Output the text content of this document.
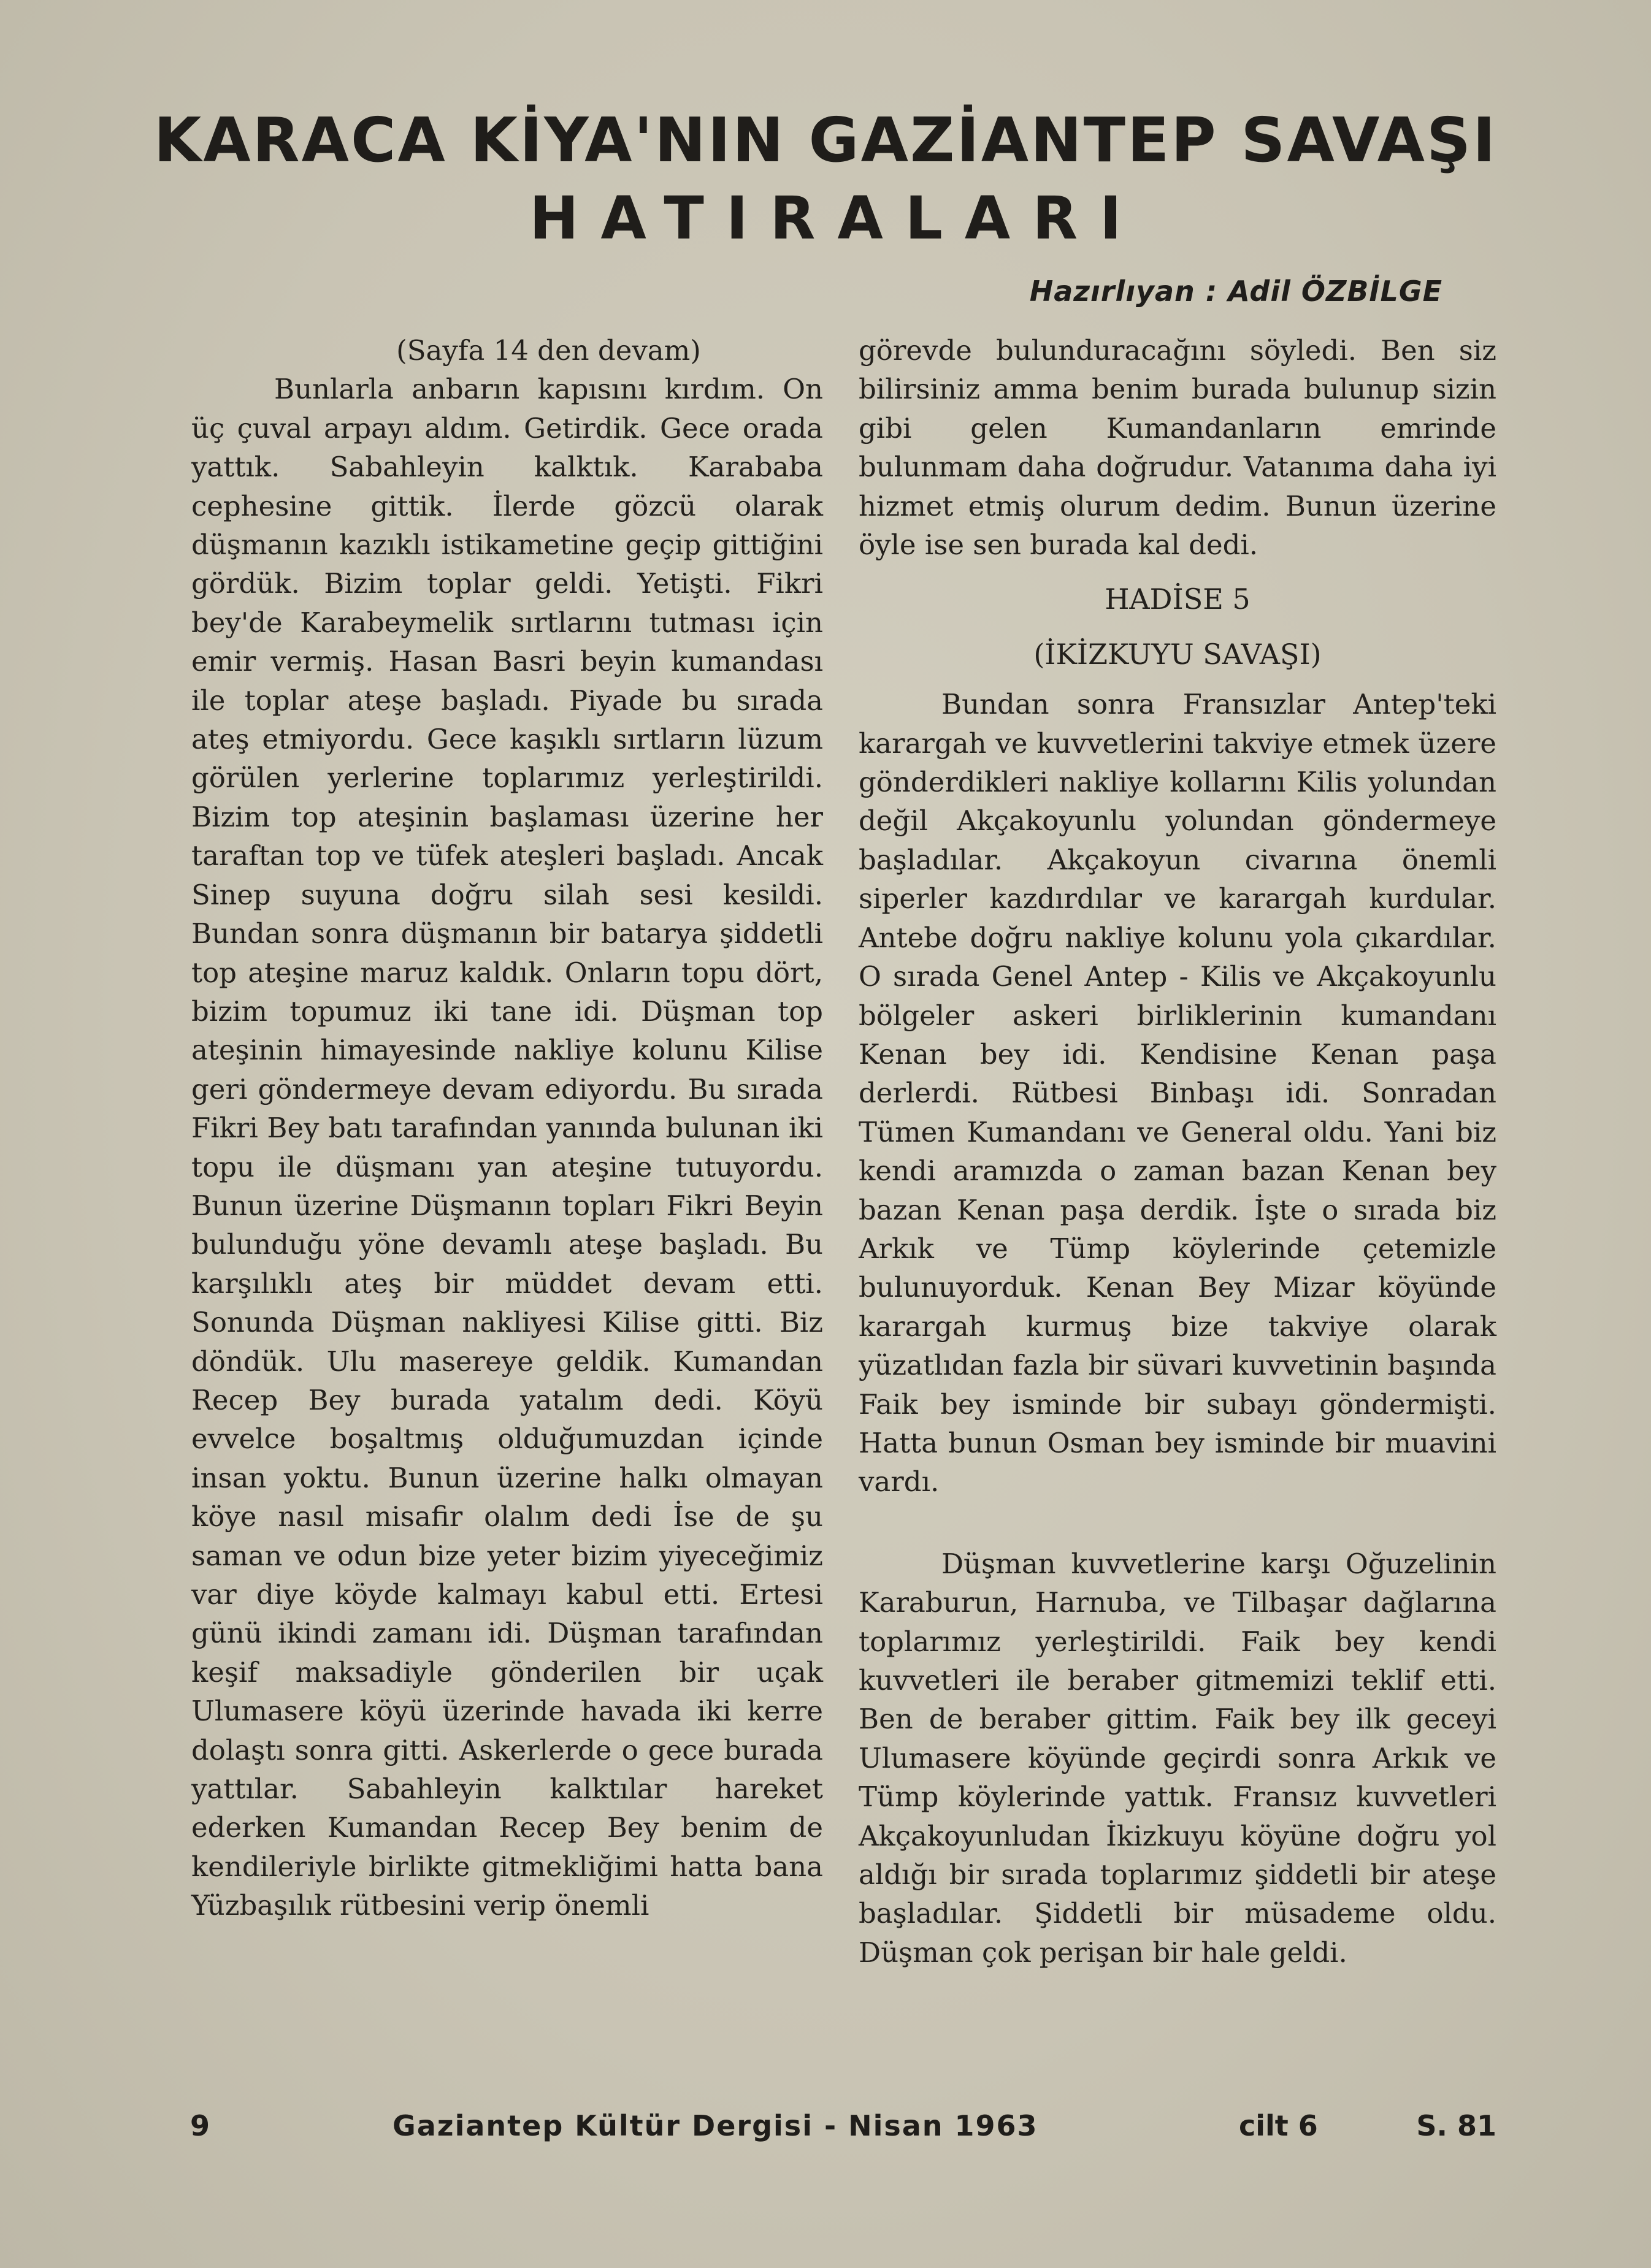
KARACA KİYA'NIN GAZİANTEP SAVAŞI
HATIRALARI
Hazırlıyan : Adil ÖZBİLGE

(Sayfa 14 den devam)

Bunlarla anbarın kapısını kırdım. On üç çuval arpayı aldım. Getirdik. Gece orada yattık. Sabahleyin kalktık. Karababa cephesine gittik. İlerde gözcü olarak düşmanın kazıklı istikametine geçip gittiğini gördük. Bizim toplar geldi. Yetişti. Fikri bey'de Karabeymelik sırtlarını tutması için emir vermiş. Hasan Basri beyin kumandası ile toplar ateşe başladı. Piyade bu sırada ateş etmiyordu. Gece kaşıklı sırtların lüzum görülen yerlerine toplarımız yerleştirildi. Bizim top ateşinin başlaması üzerine her taraftan top ve tüfek ateşleri başladı. Ancak Sinep suyuna doğru silah sesi kesildi. Bundan sonra düşmanın bir batarya şiddetli top ateşine maruz kaldık. Onların topu dört, bizim topumuz iki tane idi. Düşman top ateşinin himayesinde nakliye kolunu Kilise geri göndermeye devam ediyordu. Bu sırada Fikri Bey batı tarafından yanında bulunan iki topu ile düşmanı yan ateşine tutuyordu. Bunun üzerine Düşmanın topları Fikri Beyin bulunduğu yöne devamlı ateşe başladı. Bu karşılıklı ateş bir müddet devam etti. Sonunda Düşman nakliyesi Kilise gitti. Biz döndük. Ulu masereye geldik. Kumandan Recep Bey burada yatalım dedi. Köyü evvelce boşaltmış olduğumuzdan içinde insan yoktu. Bunun üzerine halkı olmayan köye nasıl misafir olalım dedi İse de şu saman ve odun bize yeter bizim yiyeceğimiz var diye köyde kalmayı kabul etti. Ertesi günü ikindi zamanı idi. Düşman tarafından keşif maksadiyle gönderilen bir uçak Ulumasere köyü üzerinde havada iki kerre dolaştı sonra gitti. Askerlerde o gece burada yattılar. Sabahleyin kalktılar hareket ederken Kumandan Recep Bey benim de kendileriyle birlikte gitmekliğimi hatta bana Yüzbaşılık rütbesini verip önemli

görevde bulunduracağını söyledi. Ben siz bilirsiniz amma benim burada bulunup sizin gibi gelen Kumandanların emrinde bulunmam daha doğrudur. Vatanıma daha iyi hizmet etmiş olurum dedim. Bunun üzerine öyle ise sen burada kal dedi.

HADİSE 5

(İKİZKUYU SAVAŞI)

Bundan sonra Fransızlar Antep'teki karargah ve kuvvetlerini takviye etmek üzere gönderdikleri nakliye kollarını Kilis yolundan değil Akçakoyunlu yolundan göndermeye başladılar. Akçakoyun civarına önemli siperler kazdırdılar ve karargah kurdular. Antebe doğru nakliye kolunu yola çıkardılar. O sırada Genel Antep - Kilis ve Akçakoyunlu bölgeler askeri birliklerinin kumandanı Kenan bey idi. Kendisine Kenan paşa derlerdi. Rütbesi Binbaşı idi. Sonradan Tümen Kumandanı ve General oldu. Yani biz kendi aramızda o zaman bazan Kenan bey bazan Kenan paşa derdik. İşte o sırada biz Arkık ve Tümp köylerinde çetemizle bulunuyorduk. Kenan Bey Mizar köyünde karargah kurmuş bize takviye olarak yüzatlıdan fazla bir süvari kuvvetinin başında Faik bey isminde bir subayı göndermişti. Hatta bunun Osman bey isminde bir muavini vardı.

Düşman kuvvetlerine karşı Oğuzelinin Karaburun, Harnuba, ve Tilbaşar dağlarına toplarımız yerleştirildi. Faik bey kendi kuvvetleri ile beraber gitmemizi teklif etti. Ben de beraber gittim. Faik bey ilk geceyi Ulumasere köyünde geçirdi sonra Arkık ve Tümp köylerinde yattık. Fransız kuvvetleri Akçakoyunludan İkizkuyu köyüne doğru yol aldığı bir sırada toplarımız şiddetli bir ateşe başladılar. Şiddetli bir müsademe oldu. Düşman çok perişan bir hale geldi.

9	Gaziantep Kültür Dergisi - Nisan 1963	cilt 6	S. 81
